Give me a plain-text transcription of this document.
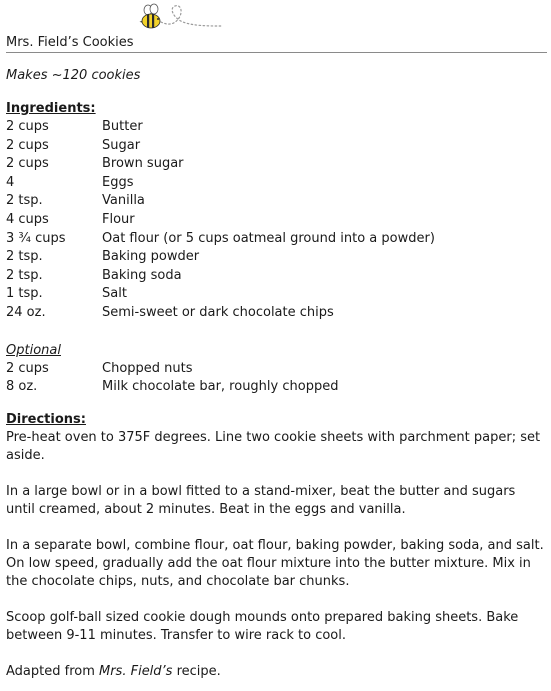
Mrs. Field’s Cookies

Makes ~120 cookies

Ingredients:

2 cups	Butter
2 cups	Sugar
2 cups	Brown sugar
4	Eggs
2 tsp.	Vanilla
4 cups	Flour
3 ¾ cups	Oat flour (or 5 cups oatmeal ground into a powder)
2 tsp.	Baking powder
2 tsp.	Baking soda
1 tsp.	Salt
24 oz.	Semi-sweet or dark chocolate chips

Optional

2 cups	Chopped nuts
8 oz.	Milk chocolate bar, roughly chopped

Directions:

Pre-heat oven to 375F degrees. Line two cookie sheets with parchment paper; set aside.

In a large bowl or in a bowl fitted to a stand-mixer, beat the butter and sugars until creamed, about 2 minutes. Beat in the eggs and vanilla.

In a separate bowl, combine flour, oat flour, baking powder, baking soda, and salt. On low speed, gradually add the oat flour mixture into the butter mixture. Mix in the chocolate chips, nuts, and chocolate bar chunks.

Scoop golf-ball sized cookie dough mounds onto prepared baking sheets. Bake between 9-11 minutes. Transfer to wire rack to cool.

Adapted from Mrs. Field’s recipe.
